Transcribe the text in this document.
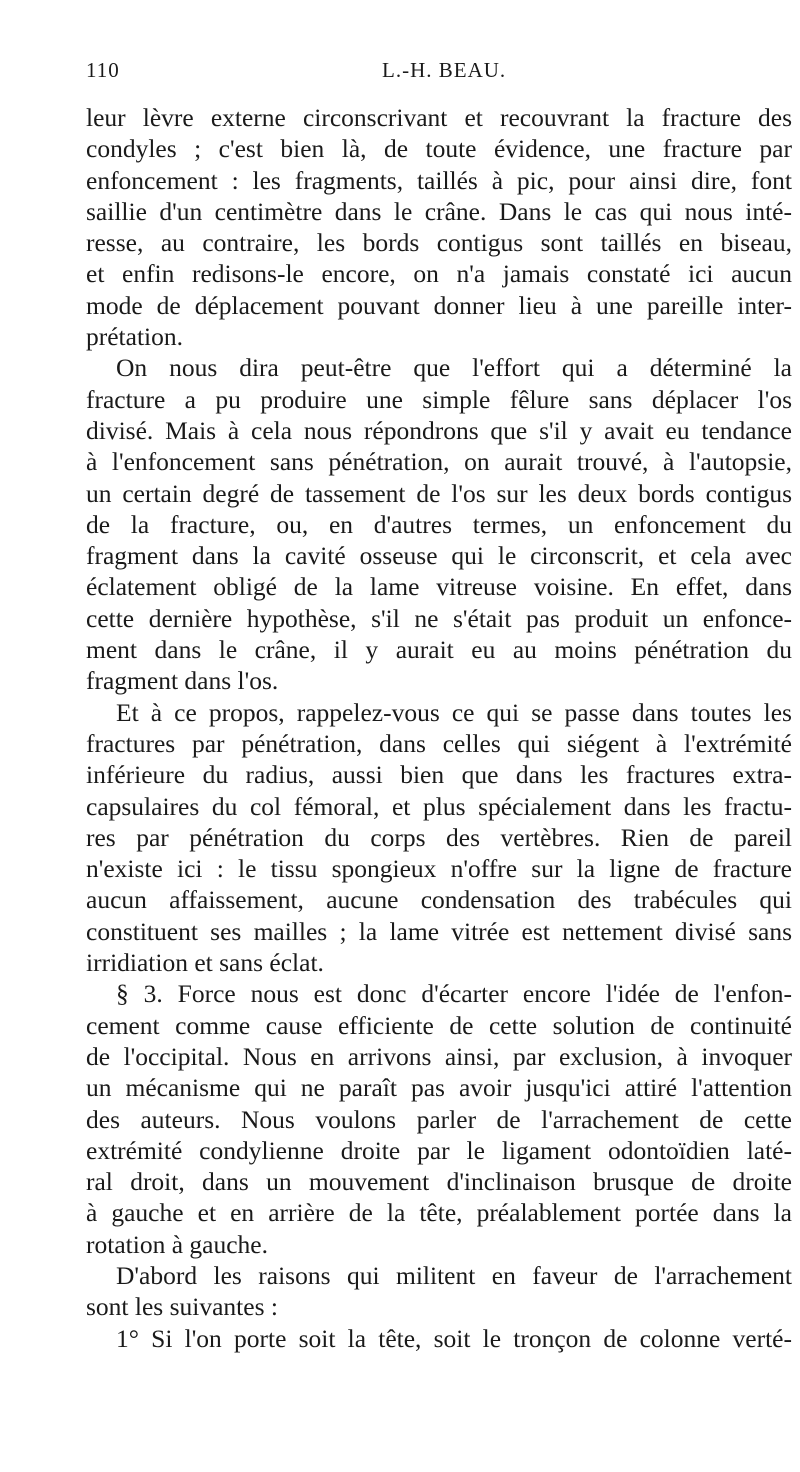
110	L.-H. BEAU.
leur lèvre externe circonscrivant et recouvrant la fracture des
condyles ; c'est bien là, de toute évidence, une fracture par
enfoncement : les fragments, taillés à pic, pour ainsi dire, font
saillie d'un centimètre dans le crâne. Dans le cas qui nous inté-
resse, au contraire, les bords contigus sont taillés en biseau,
et enfin redisons-le encore, on n'a jamais constaté ici aucun
mode de déplacement pouvant donner lieu à une pareille inter-
prétation.
On nous dira peut-être que l'effort qui a déterminé la
fracture a pu produire une simple fêlure sans déplacer l'os
divisé. Mais à cela nous répondrons que s'il y avait eu tendance
à l'enfoncement sans pénétration, on aurait trouvé, à l'autopsie,
un certain degré de tassement de l'os sur les deux bords contigus
de la fracture, ou, en d'autres termes, un enfoncement du
fragment dans la cavité osseuse qui le circonscrit, et cela avec
éclatement obligé de la lame vitreuse voisine. En effet, dans
cette dernière hypothèse, s'il ne s'était pas produit un enfonce-
ment dans le crâne, il y aurait eu au moins pénétration du
fragment dans l'os.
Et à ce propos, rappelez-vous ce qui se passe dans toutes les
fractures par pénétration, dans celles qui siégent à l'extrémité
inférieure du radius, aussi bien que dans les fractures extra-
capsulaires du col fémoral, et plus spécialement dans les fractu-
res par pénétration du corps des vertèbres. Rien de pareil
n'existe ici : le tissu spongieux n'offre sur la ligne de fracture
aucun affaissement, aucune condensation des trabécules qui
constituent ses mailles ; la lame vitrée est nettement divisé sans
irridiation et sans éclat.
§ 3. Force nous est donc d'écarter encore l'idée de l'enfon-
cement comme cause efficiente de cette solution de continuité
de l'occipital. Nous en arrivons ainsi, par exclusion, à invoquer
un mécanisme qui ne paraît pas avoir jusqu'ici attiré l'attention
des auteurs. Nous voulons parler de l'arrachement de cette
extrémité condylienne droite par le ligament odontoïdien laté-
ral droit, dans un mouvement d'inclinaison brusque de droite
à gauche et en arrière de la tête, préalablement portée dans la
rotation à gauche.
D'abord les raisons qui militent en faveur de l'arrachement
sont les suivantes :
1° Si l'on porte soit la tête, soit le tronçon de colonne verté-
